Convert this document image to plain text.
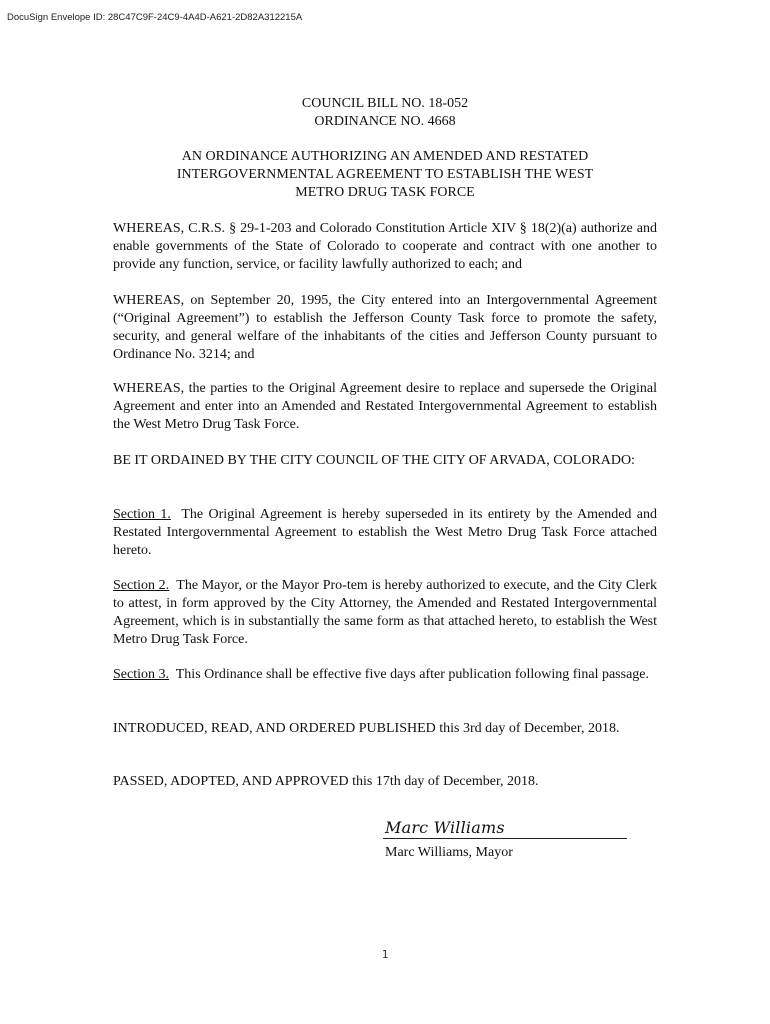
DocuSign Envelope ID: 28C47C9F-24C9-4A4D-A621-2D82A312215A
COUNCIL BILL NO. 18-052
ORDINANCE NO. 4668
AN ORDINANCE AUTHORIZING AN AMENDED AND RESTATED
INTERGOVERNMENTAL AGREEMENT TO ESTABLISH THE WEST
METRO DRUG TASK FORCE
WHEREAS, C.R.S. § 29-1-203 and Colorado Constitution Article XIV § 18(2)(a) authorize and enable governments of the State of Colorado to cooperate and contract with one another to provide any function, service, or facility lawfully authorized to each; and
WHEREAS, on September 20, 1995, the City entered into an Intergovernmental Agreement (“Original Agreement”) to establish the Jefferson County Task force to promote the safety, security, and general welfare of the inhabitants of the cities and Jefferson County pursuant to Ordinance No. 3214; and
WHEREAS, the parties to the Original Agreement desire to replace and supersede the Original Agreement and enter into an Amended and Restated Intergovernmental Agreement to establish the West Metro Drug Task Force.
BE IT ORDAINED BY THE CITY COUNCIL OF THE CITY OF ARVADA, COLORADO:
Section 1. The Original Agreement is hereby superseded in its entirety by the Amended and Restated Intergovernmental Agreement to establish the West Metro Drug Task Force attached hereto.
Section 2. The Mayor, or the Mayor Pro-tem is hereby authorized to execute, and the City Clerk to attest, in form approved by the City Attorney, the Amended and Restated Intergovernmental Agreement, which is in substantially the same form as that attached hereto, to establish the West Metro Drug Task Force.
Section 3. This Ordinance shall be effective five days after publication following final passage.
INTRODUCED, READ, AND ORDERED PUBLISHED this 3rd day of December, 2018.
PASSED, ADOPTED, AND APPROVED this 17th day of December, 2018.
Marc Williams
Marc Williams, Mayor
1
